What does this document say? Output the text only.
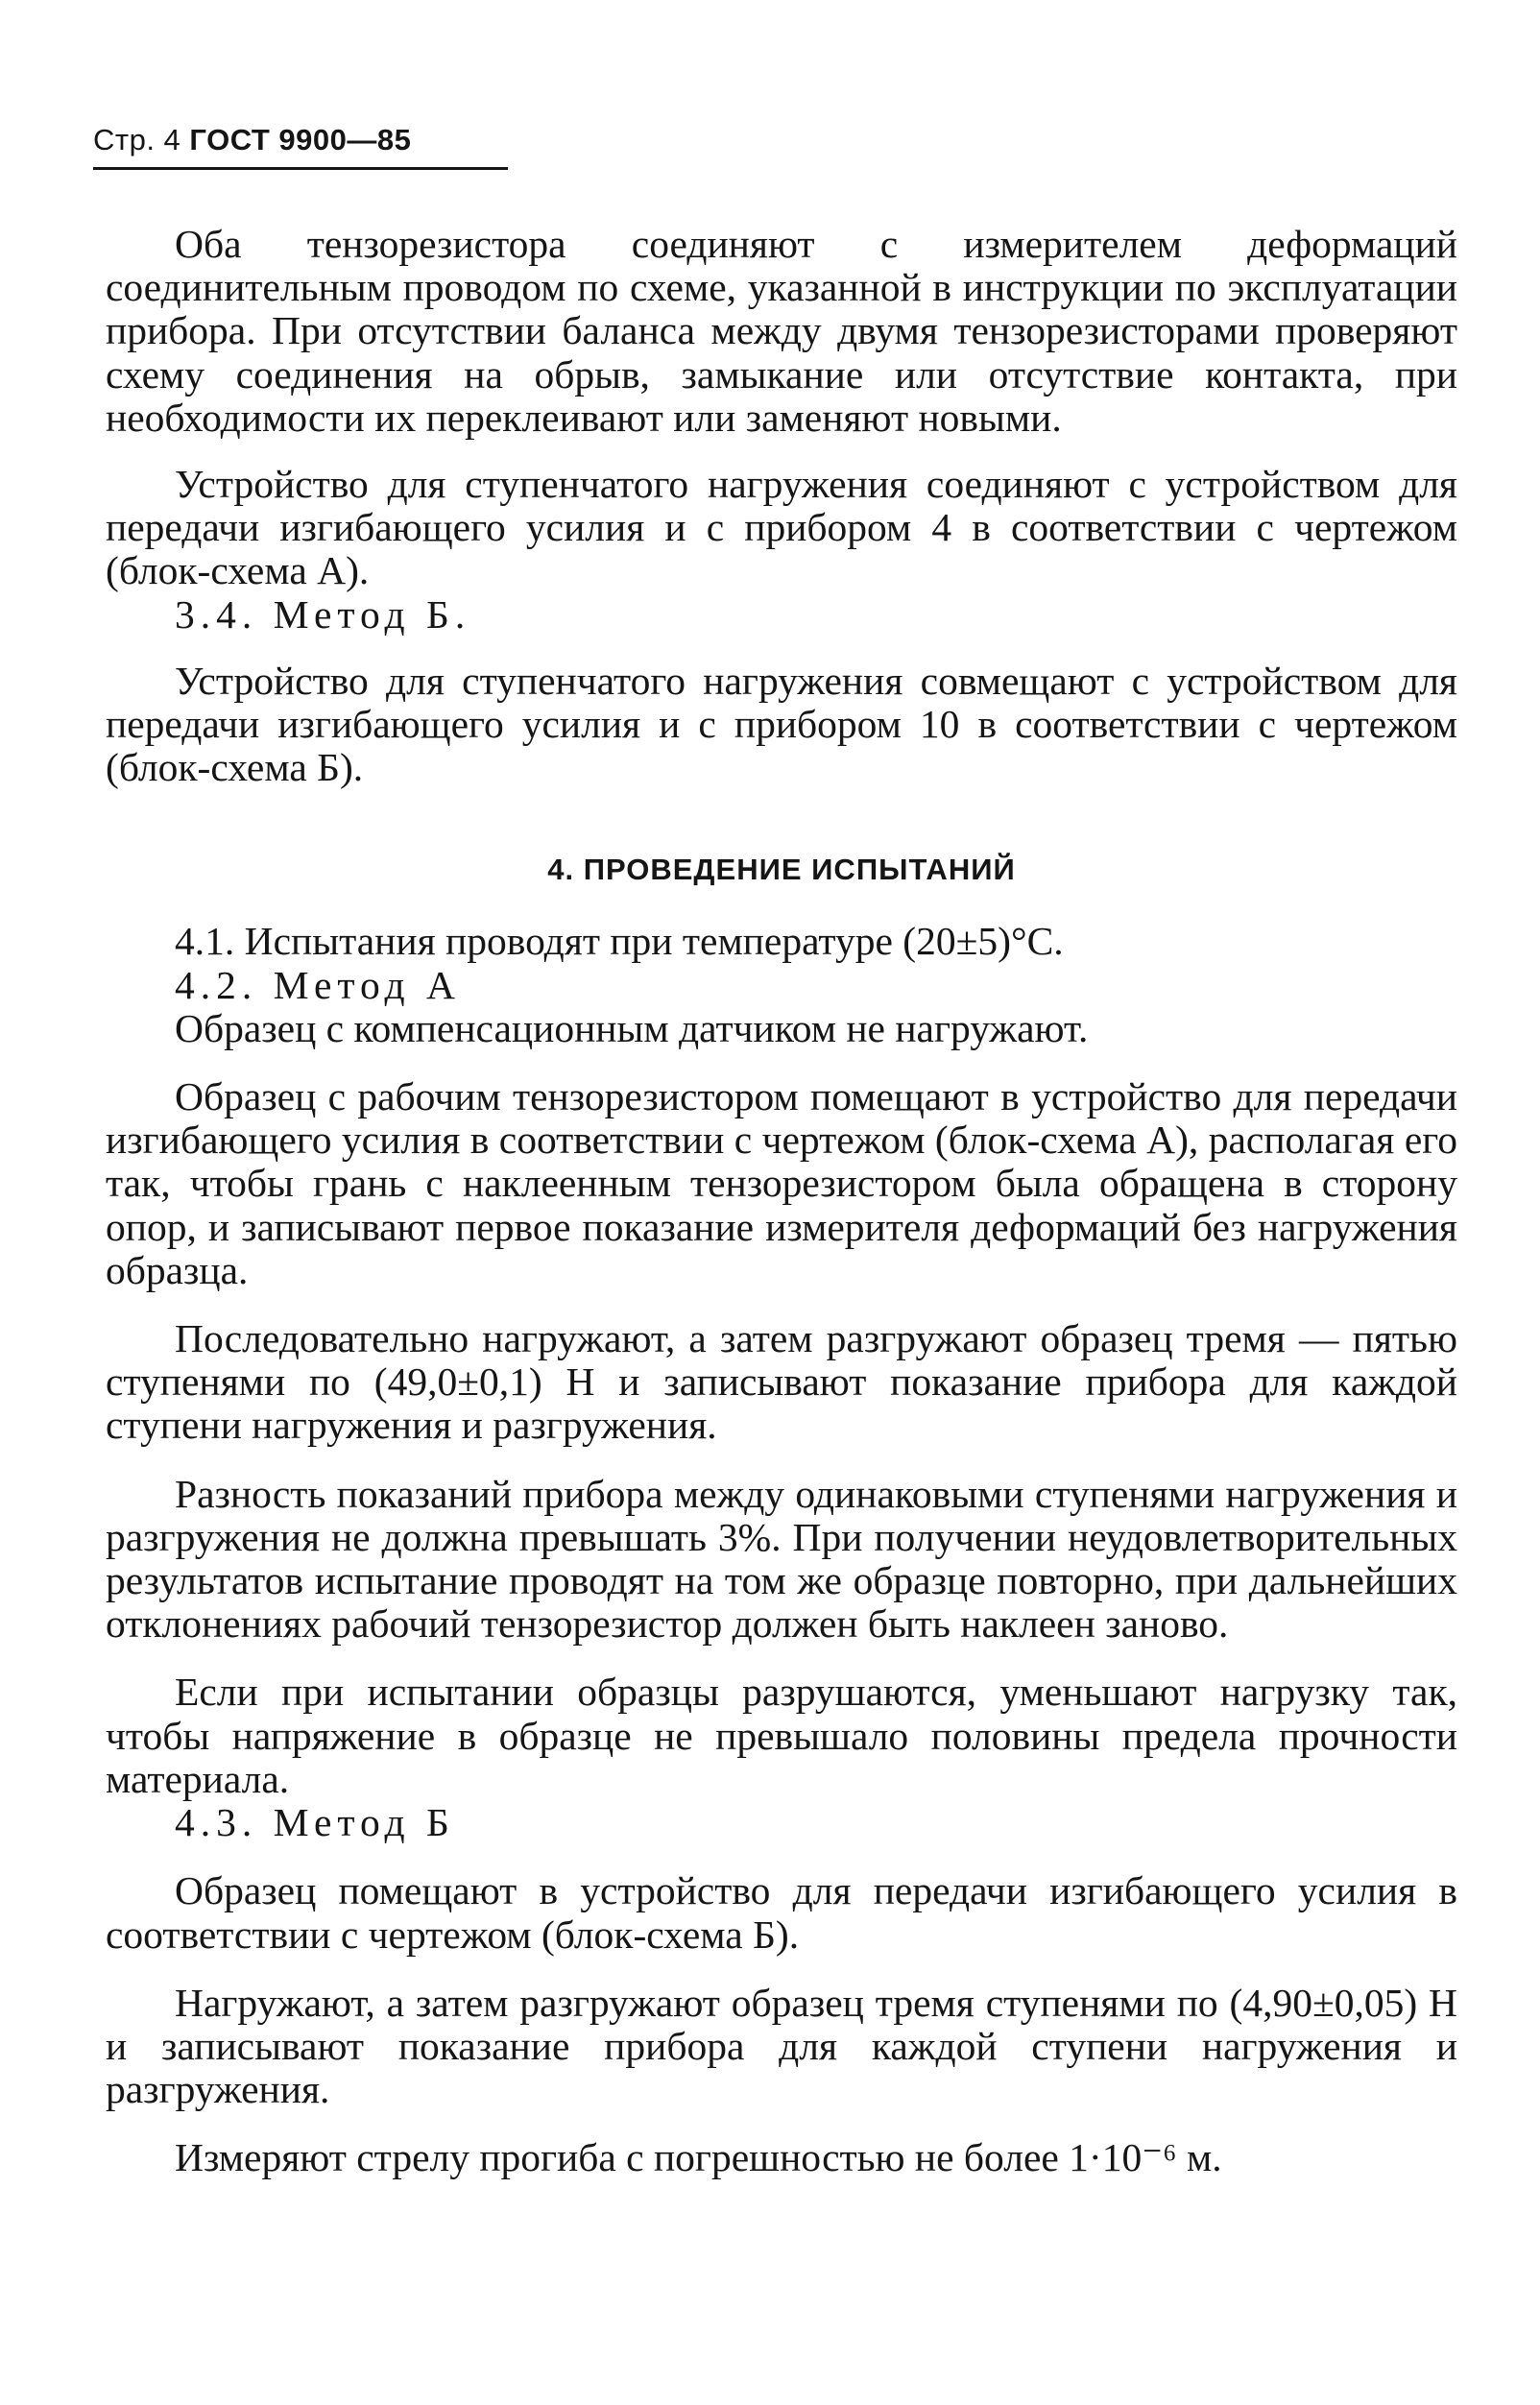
Стр. 4 ГОСТ 9900—85

Оба тензорезистора соединяют с измерителем деформаций соединительным проводом по схеме, указанной в инструкции по эксплуатации прибора. При отсутствии баланса между двумя тензорезисторами проверяют схему соединения на обрыв, замыкание или отсутствие контакта, при необходимости их переклеивают или заменяют новыми.

Устройство для ступенчатого нагружения соединяют с устройством для передачи изгибающего усилия и с прибором 4 в соответствии с чертежом (блок-схема А).

3.4. Метод Б.

Устройство для ступенчатого нагружения совмещают с устройством для передачи изгибающего усилия и с прибором 10 в соответствии с чертежом (блок-схема Б).

4. ПРОВЕДЕНИЕ ИСПЫТАНИЙ

4.1. Испытания проводят при температуре (20±5)°С.

4.2. Метод А

Образец с компенсационным датчиком не нагружают.

Образец с рабочим тензорезистором помещают в устройство для передачи изгибающего усилия в соответствии с чертежом (блок-схема А), располагая его так, чтобы грань с наклеенным тензорезистором была обращена в сторону опор, и записывают первое показание измерителя деформаций без нагружения образца.

Последовательно нагружают, а затем разгружают образец тремя — пятью ступенями по (49,0±0,1) Н и записывают показание прибора для каждой ступени нагружения и разгружения.

Разность показаний прибора между одинаковыми ступенями нагружения и разгружения не должна превышать 3%. При получении неудовлетворительных результатов испытание проводят на том же образце повторно, при дальнейших отклонениях рабочий тензорезистор должен быть наклеен заново.

Если при испытании образцы разрушаются, уменьшают нагрузку так, чтобы напряжение в образце не превышало половины предела прочности материала.

4.3. Метод Б

Образец помещают в устройство для передачи изгибающего усилия в соответствии с чертежом (блок-схема Б).

Нагружают, а затем разгружают образец тремя ступенями по (4,90±0,05) Н и записывают показание прибора для каждой ступени нагружения и разгружения.

Измеряют стрелу прогиба с погрешностью не более 1·10⁻⁶ м.
